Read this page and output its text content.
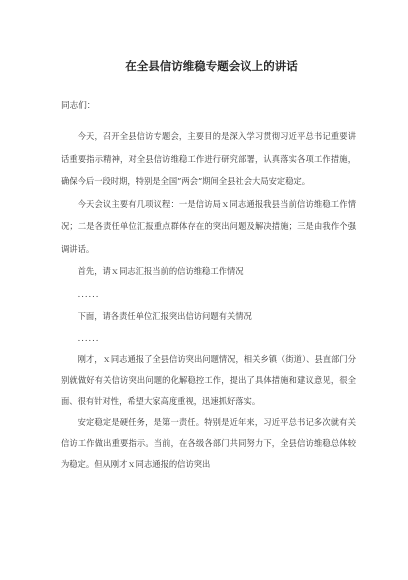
在全县信访维稳专题会议上的讲话

同志们：

今天，召开全县信访专题会，主要目的是深入学习贯彻习近平总书记重要讲话重要指示精神，对全县信访维稳工作进行研究部署，认真落实各项工作措施，确保今后一段时期，特别是全国”两会”期间全县社会大局安定稳定。

今天会议主要有几项议程：一是信访局ｘ同志通报我县当前信访维稳工作情况；二是各责任单位汇报重点群体存在的突出问题及解决措施；三是由我作个强调讲话。

首先，请ｘ同志汇报当前的信访维稳工作情况

......

下面，请各责任单位汇报突出信访问题有关情况

......

刚才，ｘ同志通报了全县信访突出问题情况，相关乡镇（街道）、县直部门分别就做好有关信访突出问题的化解稳控工作，提出了具体措施和建议意见，很全面、很有针对性，希望大家高度重视，迅速抓好落实。

安定稳定是硬任务，是第一责任。特别是近年来，习近平总书记多次就有关信访工作做出重要指示。当前，在各级各部门共同努力下，全县信访维稳总体较为稳定。但从刚才ｘ同志通报的信访突出
